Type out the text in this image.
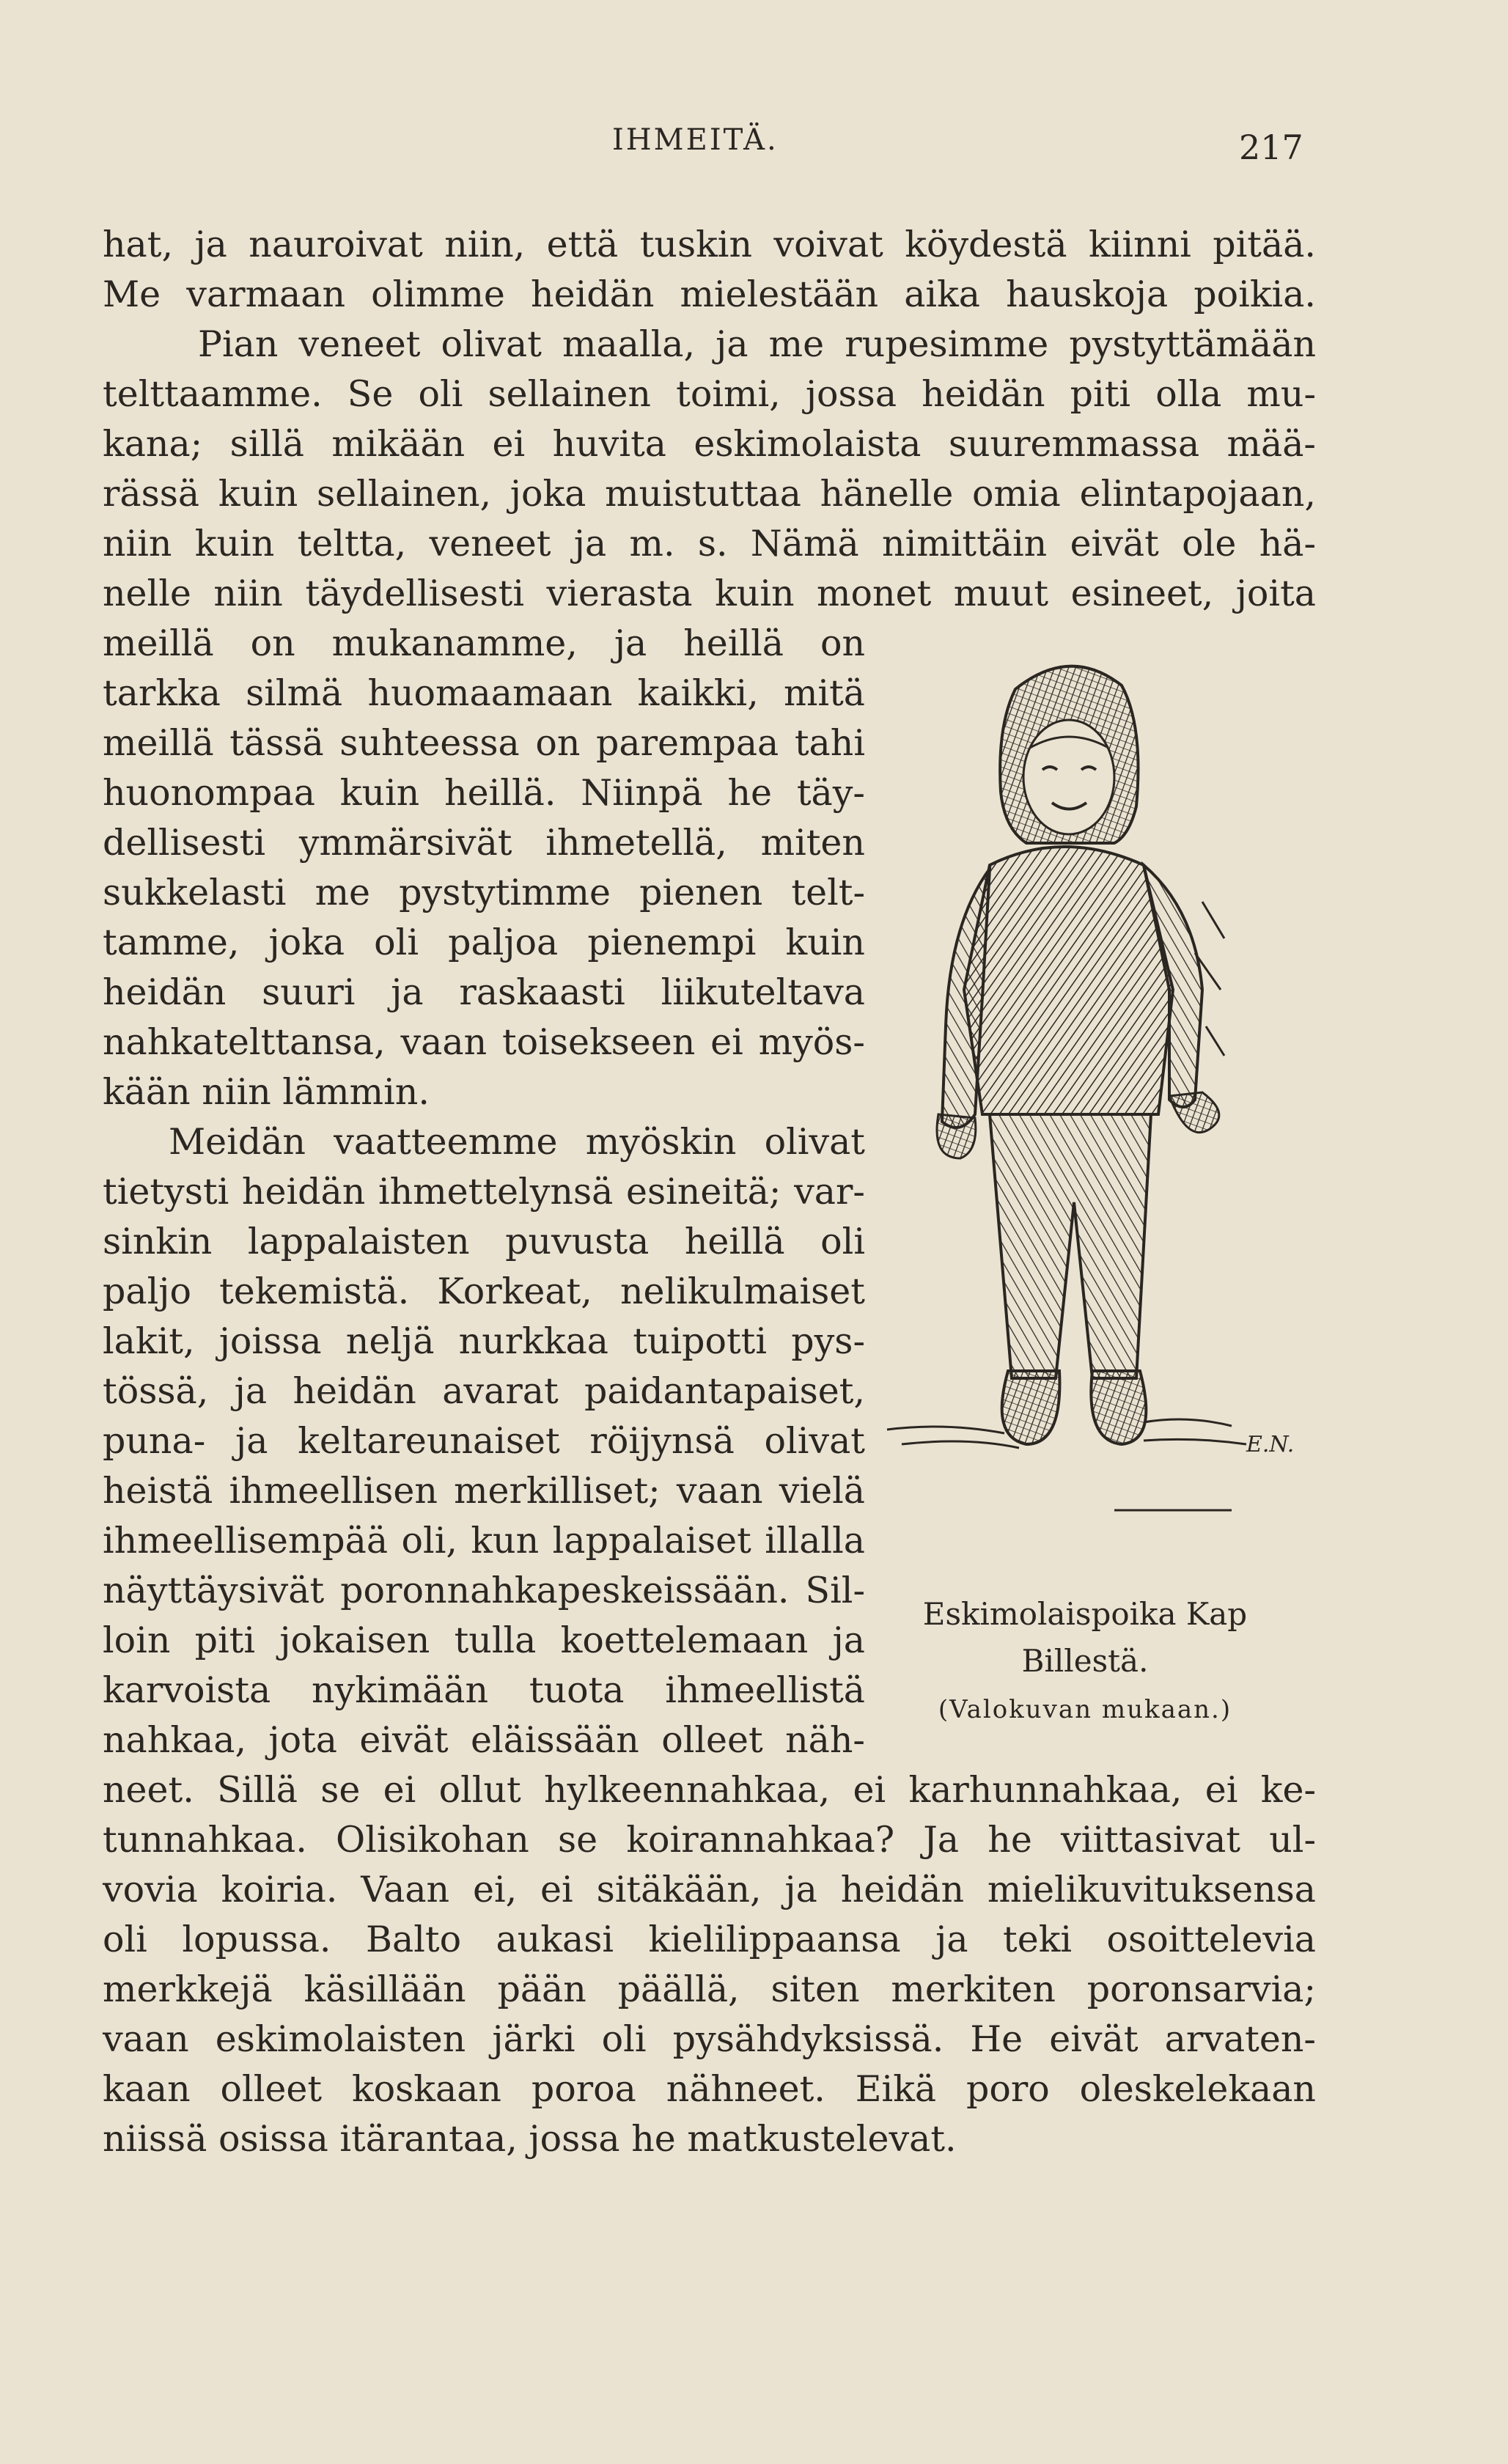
IHMEITÄ.	217
hat, ja nauroivat niin, että tuskin voivat köydestä kiinni pitää.
Me varmaan olimme heidän mielestään aika hauskoja poikia.
Pian veneet olivat maalla, ja me rupesimme pystyttämään
telttaamme. Se oli sellainen toimi, jossa heidän piti olla mu-
kana; sillä mikään ei huvita eskimolaista suuremmassa mää-
rässä kuin sellainen, joka muistuttaa hänelle omia elintapojaan,
niin kuin teltta, veneet ja m. s. Nämä nimittäin eivät ole hä-
nelle niin täydellisesti vierasta kuin monet muut esineet, joita
meillä on mukanamme, ja heillä on
tarkka silmä huomaamaan kaikki, mitä
meillä tässä suhteessa on parempaa tahi
huonompaa kuin heillä. Niinpä he täy-
dellisesti ymmärsivät ihmetellä, miten
sukkelasti me pystytimme pienen telt-
tamme, joka oli paljoa pienempi kuin
heidän suuri ja raskaasti liikuteltava
nahkatelttansa, vaan toisekseen ei myös-
kään niin lämmin.
Meidän vaatteemme myöskin olivat
tietysti heidän ihmettelynsä esineitä; var-
sinkin lappalaisten puvusta heillä oli
paljo tekemistä. Korkeat, nelikulmaiset
lakit, joissa neljä nurkkaa tuipotti pys-
tössä, ja heidän avarat paidantapaiset,
puna- ja keltareunaiset röijynsä olivat
heistä ihmeellisen merkilliset; vaan vielä
ihmeellisempää oli, kun lappalaiset illalla
näyttäysivät poronnahkapeskeissään. Sil-
loin piti jokaisen tulla koettelemaan ja
karvoista nykimään tuota ihmeellistä
nahkaa, jota eivät eläissään olleet näh-
neet. Sillä se ei ollut hylkeennahkaa, ei karhunnahkaa, ei ke-
tunnahkaa. Olisikohan se koirannahkaa? Ja he viittasivat ul-
vovia koiria. Vaan ei, ei sitäkään, ja heidän mielikuvituksensa
oli lopussa. Balto aukasi kielilippaansa ja teki osoittelevia
merkkejä käsillään pään päällä, siten merkiten poronsarvia;
vaan eskimolaisten järki oli pysähdyksissä. He eivät arvaten-
kaan olleet koskaan poroa nähneet. Eikä poro oleskelekaan
niissä osissa itärantaa, jossa he matkustelevat.
E.N.
Eskimolaispoika Kap
Billestä.
(Valokuvan mukaan.)
